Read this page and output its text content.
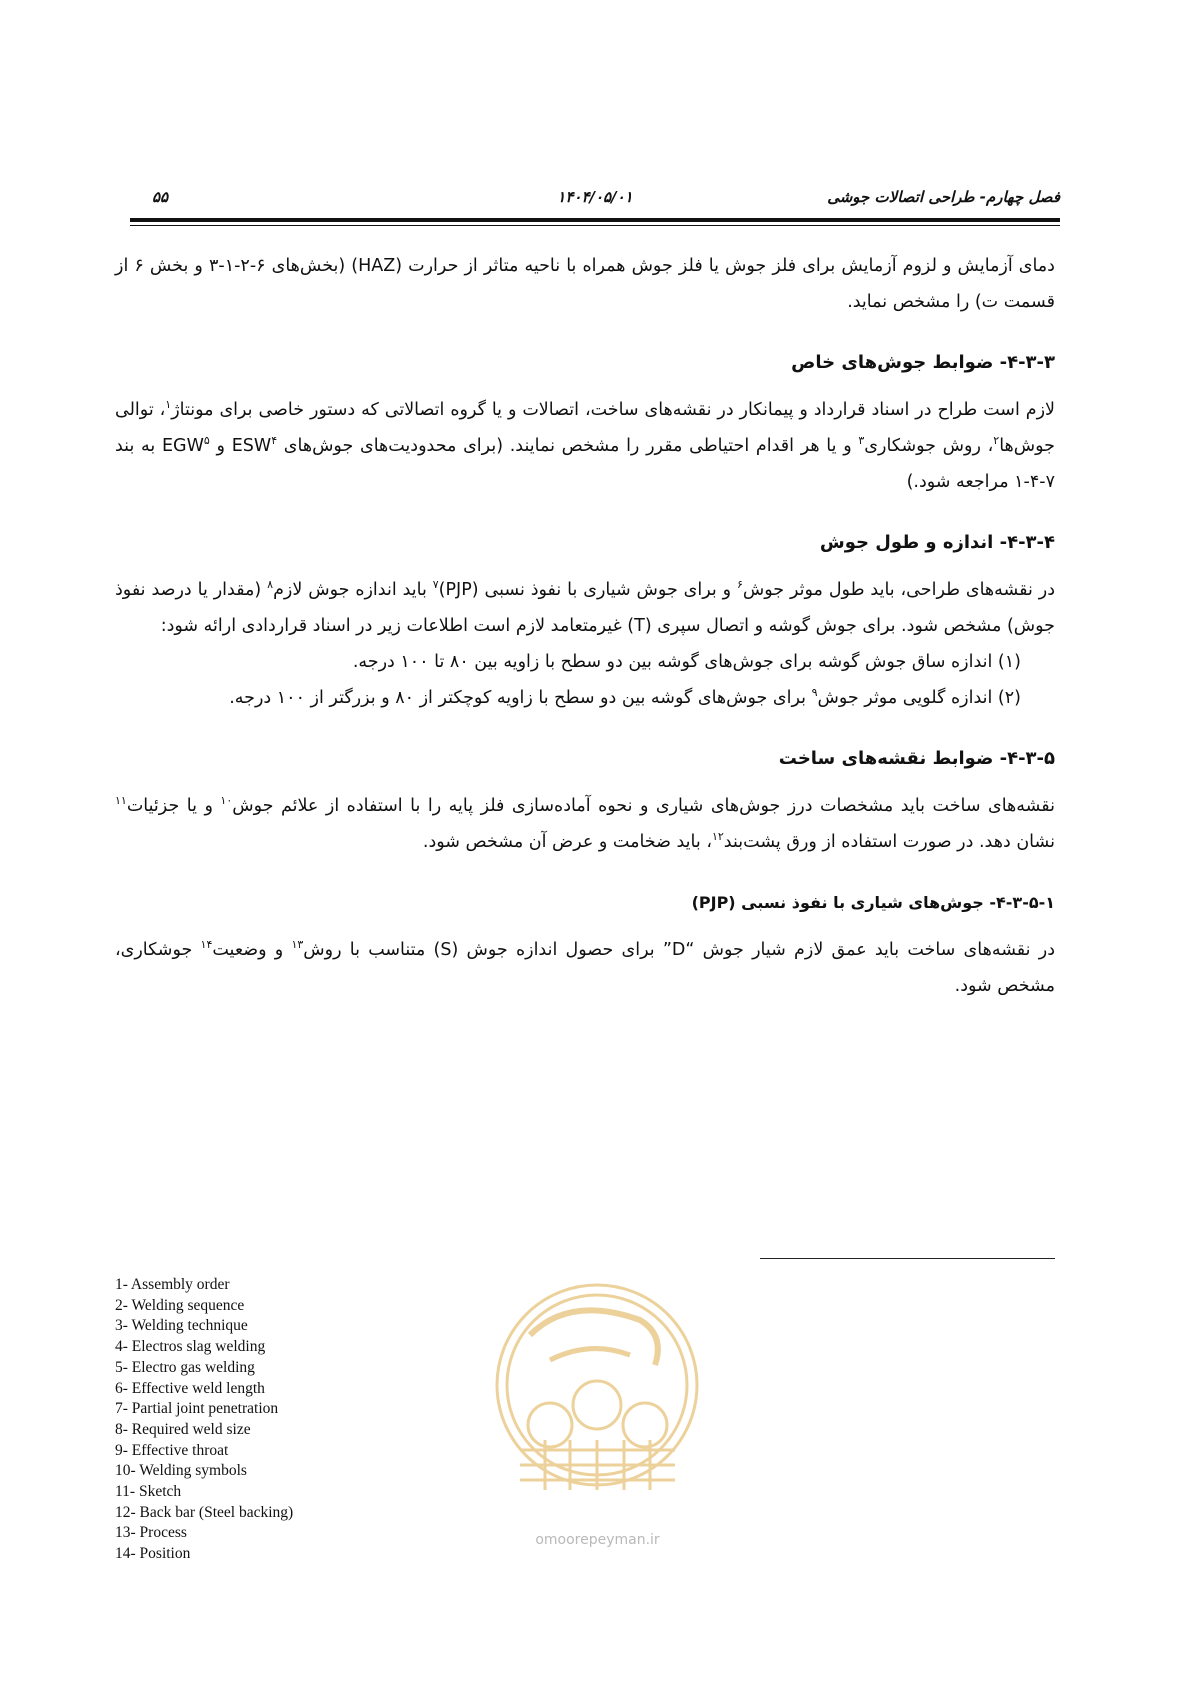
فصل چهارم- طراحی اتصالات جوشی
۱۴۰۴/۰۵/۰۱
۵۵

دمای آزمایش و لزوم آزمایش برای فلز جوش یا فلز جوش همراه با ناحیه متاثر از حرارت (HAZ) (بخش‌های ۶-۲-۱-۳ و بخش ۶ از قسمت ت) را مشخص نماید.

۴-۳-۳- ضوابط جوش‌های خاص

لازم است طراح در اسناد قرارداد و پیمانکار در نقشه‌های ساخت، اتصالات و یا گروه اتصالاتی که دستور خاصی برای مونتاژ$^۱$، توالی جوش‌ها$^۲$، روش جوشکاری$^۳$ و یا هر اقدام احتیاطی مقرر را مشخص نمایند. (برای محدودیت‌های جوش‌های ESW$^۴$ و EGW$^۵$ به بند ۷-۴-۱ مراجعه شود.)

۴-۳-۴- اندازه و طول جوش

در نقشه‌های طراحی، باید طول موثر جوش$^۶$ و برای جوش شیاری با نفوذ نسبی (PJP)$^۷$ باید اندازه جوش لازم$^۸$ (مقدار یا درصد نفوذ جوش) مشخص شود. برای جوش گوشه و اتصال سپری (T) غیرمتعامد لازم است اطلاعات زیر در اسناد قراردادی ارائه شود:

(۱) اندازه ساق جوش گوشه برای جوش‌های گوشه بین دو سطح با زاویه بین ۸۰ تا ۱۰۰ درجه.

(۲) اندازه گلویی موثر جوش$^۹$ برای جوش‌های گوشه بین دو سطح با زاویه کوچکتر از ۸۰ و بزرگتر از ۱۰۰ درجه.

۴-۳-۵- ضوابط نقشه‌های ساخت

نقشه‌های ساخت باید مشخصات درز جوش‌های شیاری و نحوه آماده‌سازی فلز پایه را با استفاده از علائم جوش$^{۱۰}$ و یا جزئیات$^{۱۱}$ نشان دهد. در صورت استفاده از ورق پشت‌بند$^{۱۲}$، باید ضخامت و عرض آن مشخص شود.

۴-۳-۵-۱- جوش‌های شیاری با نفوذ نسبی (PJP)

در نقشه‌های ساخت باید عمق لازم شیار جوش “D” برای حصول اندازه جوش (S) متناسب با روش$^{۱۳}$ و وضعیت$^{۱۴}$ جوشکاری، مشخص شود.

1- Assembly order
2- Welding sequence
3- Welding technique
4- Electros slag welding
5- Electro gas welding
6- Effective weld length
7- Partial joint penetration
8- Required weld size
9- Effective throat
10- Welding symbols
11- Sketch
12- Back bar (Steel backing)
13- Process
14- Position
omoorepeyman.ir
